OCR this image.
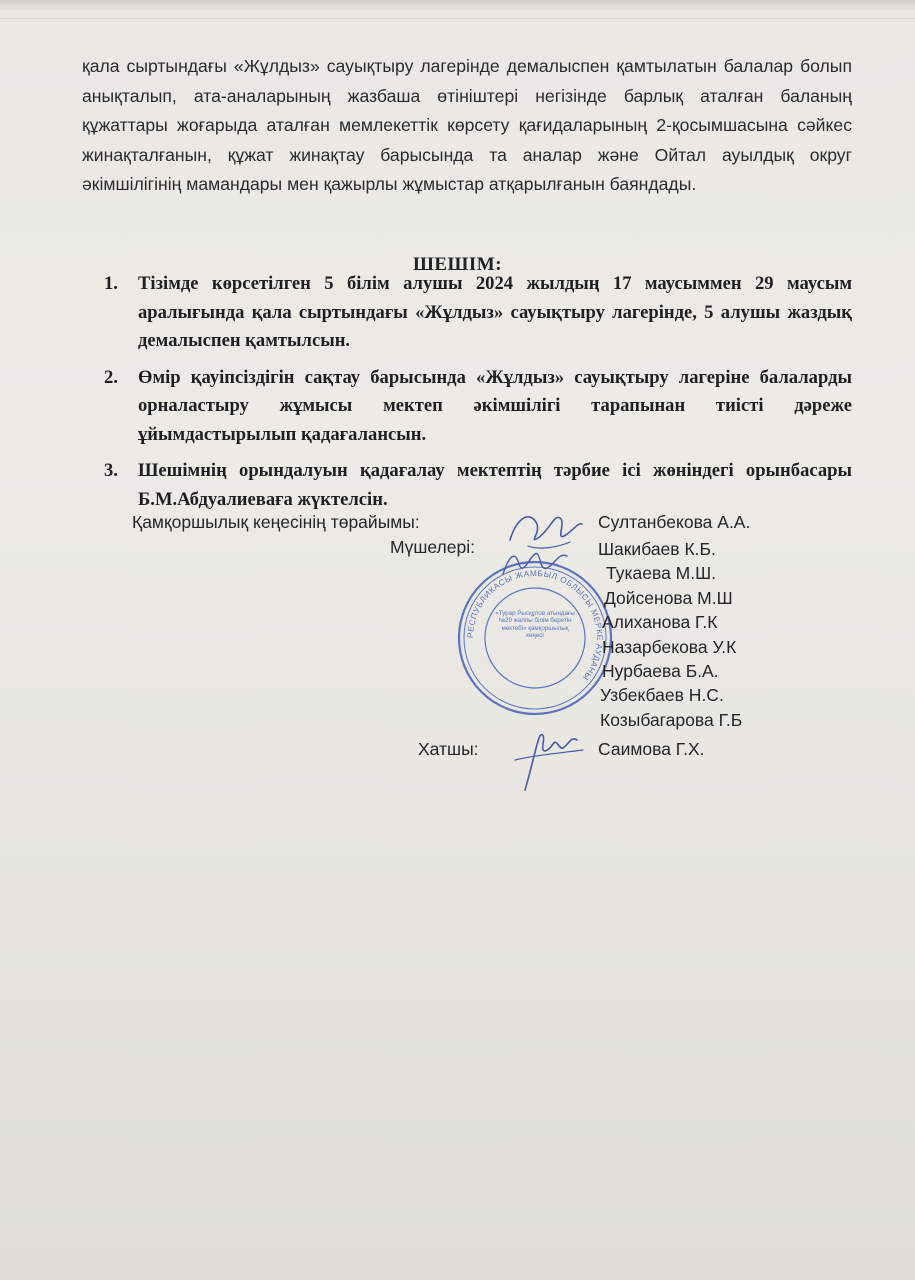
қала сыртындағы «Жұлдыз» сауықтыру лагерінде демалыспен қамтылатын балалар болып анықталып, ата-аналарының жазбаша өтініштері негізінде барлық аталған баланың құжаттары жоғарыда аталған мемлекеттік көрсету қағидаларының 2-қосымшасына сәйкес жинақталғанын, құжат жинақтау барысында та аналар және Ойтал ауылдық округ әкімшілігінің мамандары мен қажырлы жұмыстар атқарылғанын баяндады.

ШЕШІМ:
1. Тізімде көрсетілген 5 білім алушы 2024 жылдың 17 маусыммен 29 маусым аралығында қала сыртындағы «Жұлдыз» сауықтыру лагерінде, 5 алушы жаздық демалыспен қамтылсын.
2. Өмір қауіпсіздігін сақтау барысында «Жұлдыз» сауықтыру лагеріне балаларды орналастыру жұмысы мектеп әкімшілігі тарапынан тиісті дәреже ұйымдастырылып қадағалансын.
3. Шешімнің орындалуын қадағалау мектептің тәрбие ісі жөніндегі орынбасары Б.М.Абдуалиеваға жүктелсін.
РЕСПУБЛИКАСЫ ЖАМБЫЛ ОБЛЫСЫ МЕРКЕ АУДАНЫ
«Турар Рысқұлов атындағы №20 жалпы білім беретін мектебі» қамқоршылық кеңесі
Қамқоршылық кеңесінің төрайымы:	Султанбекова А.А.
Мүшелері:	Шакибаев К.Б.
Тукаева М.Ш.
Дойсенова М.Ш
Алиханова Г.К
Назарбекова У.К
Нурбаева Б.А.
Узбекбаев Н.С.
Козыбагарова Г.Б
Хатшы:	Саимова Г.Х.
